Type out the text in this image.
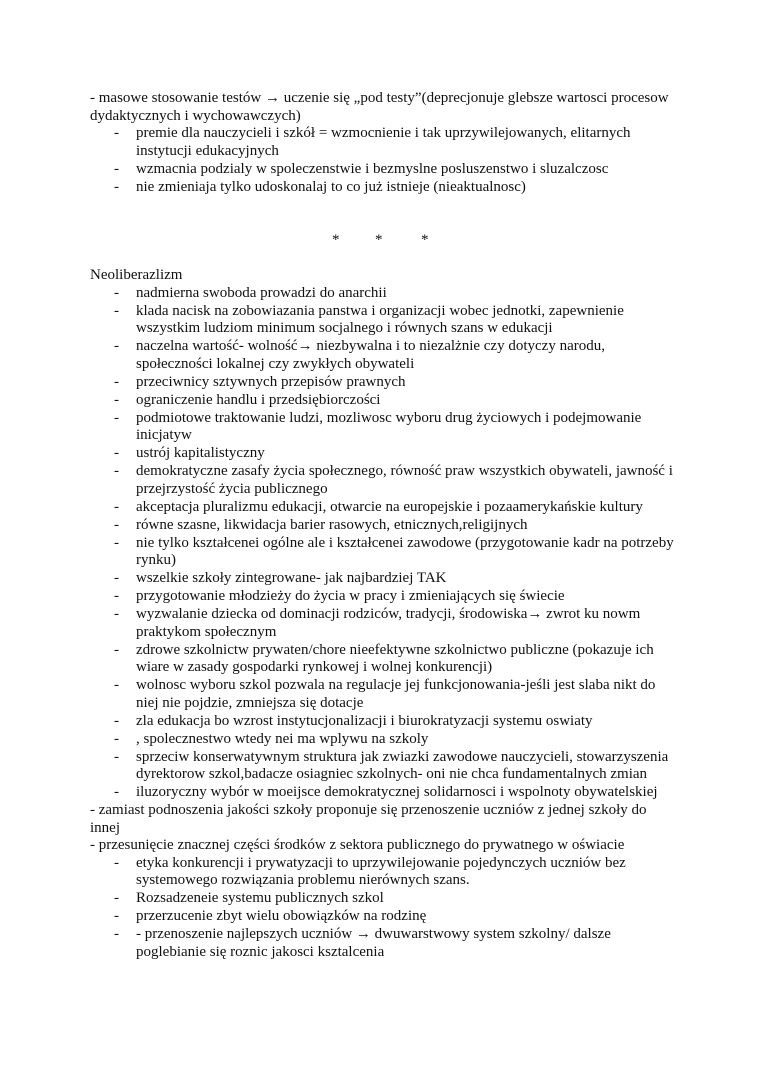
- masowe stosowanie testów → uczenie się „pod testy”(deprecjonuje glebsze wartosci procesow dydaktycznych i wychowawczych)

- premie dla nauczycieli i szkół = wzmocnienie i tak uprzywilejowanych, elitarnych instytucji edukacyjnych
- wzmacnia podzialy w spoleczenstwie i bezmyslne posluszenstwo i sluzalczosc
- nie zmieniaja tylko udoskonalaj to co już istnieje (nieaktualnosc)
* *	*

Neoliberazlizm

- nadmierna swoboda prowadzi do anarchii
- klada nacisk na zobowiazania panstwa i organizacji wobec jednotki, zapewnienie wszystkim ludziom minimum socjalnego i równych szans w edukacji
- naczelna wartość- wolność→ niezbywalna i to niezalżnie czy dotyczy narodu, społeczności lokalnej czy zwykłych obywateli
- przeciwnicy sztywnych przepisów prawnych
- ograniczenie handlu i przedsiębiorczości
- podmiotowe traktowanie ludzi, mozliwosc wyboru drug życiowych i podejmowanie inicjatyw
- ustrój kapitalistyczny
- demokratyczne zasafy życia społecznego, równość praw wszystkich obywateli, jawność i przejrzystość życia publicznego
- akceptacja pluralizmu edukacji, otwarcie na europejskie i pozaamerykańskie kultury
- równe szasne, likwidacja barier rasowych, etnicznych,religijnych
- nie tylko kształcenei ogólne ale i kształcenei zawodowe (przygotowanie kadr na potrzeby rynku)
- wszelkie szkoły zintegrowane- jak najbardziej TAK
- przygotowanie młodzieży do życia w pracy i zmieniających się świecie
- wyzwalanie dziecka od dominacji rodziców, tradycji, środowiska→ zwrot ku nowm praktykom społecznym
- zdrowe szkolnictw prywaten/chore nieefektywne szkolnictwo publiczne (pokazuje ich wiare w zasady gospodarki rynkowej i wolnej konkurencji)
- wolnosc wyboru szkol pozwala na regulacje jej funkcjonowania-jeśli jest slaba nikt do niej nie pojdzie, zmniejsza się dotacje
- zla edukacja bo wzrost instytucjonalizacji i biurokratyzacji systemu oswiaty
- , spolecznestwo wtedy nei ma wplywu na szkoly
- sprzeciw konserwatywnym struktura jak zwiazki zawodowe nauczycieli, stowarzyszenia dyrektorow szkol,badacze osiagniec szkolnych- oni nie chca fundamentalnych zmian
- iluzoryczny wybór w moeijsce demokratycznej solidarnosci i wspolnoty obywatelskiej

- zamiast podnoszenia jakości szkoły proponuje się przenoszenie uczniów z jednej szkoły do innej

- przesunięcie znacznej części środków z sektora publicznego do prywatnego w oświacie

- etyka konkurencji i prywatyzacji to uprzywilejowanie pojedynczych uczniów bez systemowego rozwiązania problemu nierównych szans.
- Rozsadzeneie systemu publicznych szkol
- przerzucenie zbyt wielu obowiązków na rodzinę
- - przenoszenie najlepszych uczniów → dwuwarstwowy system szkolny/ dalsze poglebianie się roznic jakosci ksztalcenia
